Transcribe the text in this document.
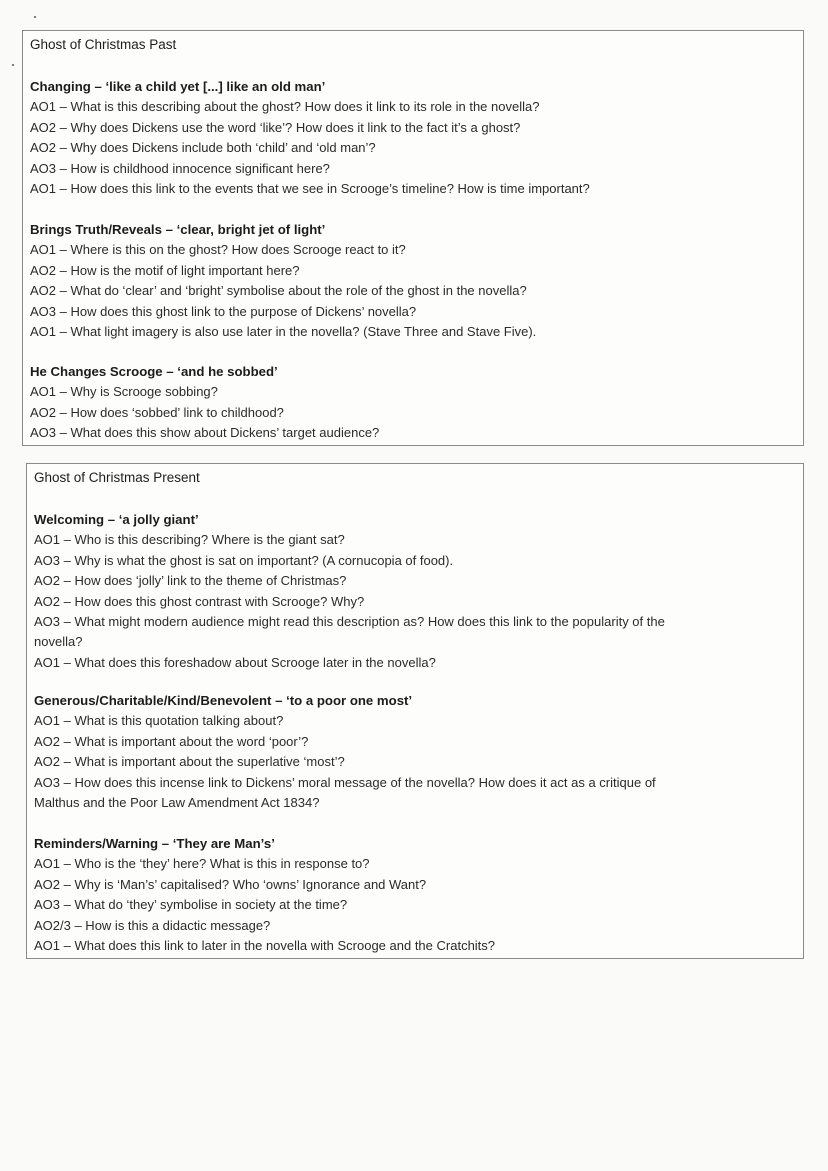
Ghost of Christmas Past
Changing – ‘like a child yet [...] like an old man’
AO1 – What is this describing about the ghost? How does it link to its role in the novella?
AO2 – Why does Dickens use the word ‘like’? How does it link to the fact it’s a ghost?
AO2 – Why does Dickens include both ‘child’ and ‘old man’?
AO3 – How is childhood innocence significant here?
AO1 – How does this link to the events that we see in Scrooge’s timeline? How is time important?
Brings Truth/Reveals – ‘clear, bright jet of light’
AO1 – Where is this on the ghost? How does Scrooge react to it?
AO2 – How is the motif of light important here?
AO2 – What do ‘clear’ and ‘bright’ symbolise about the role of the ghost in the novella?
AO3 – How does this ghost link to the purpose of Dickens’ novella?
AO1 – What light imagery is also use later in the novella? (Stave Three and Stave Five).
He Changes Scrooge – ‘and he sobbed’
AO1 – Why is Scrooge sobbing?
AO2 – How does ‘sobbed’ link to childhood?
AO3 – What does this show about Dickens’ target audience?
Ghost of Christmas Present
Welcoming – ‘a jolly giant’
AO1 – Who is this describing? Where is the giant sat?
AO3 – Why is what the ghost is sat on important? (A cornucopia of food).
AO2 – How does ‘jolly’ link to the theme of Christmas?
AO2 – How does this ghost contrast with Scrooge? Why?
AO3 – What might modern audience might read this description as? How does this link to the popularity of the
novella?
AO1 – What does this foreshadow about Scrooge later in the novella?
Generous/Charitable/Kind/Benevolent – ‘to a poor one most’
AO1 – What is this quotation talking about?
AO2 – What is important about the word ‘poor’?
AO2 – What is important about the superlative ‘most’?
AO3 – How does this incense link to Dickens’ moral message of the novella? How does it act as a critique of
Malthus and the Poor Law Amendment Act 1834?
Reminders/Warning – ‘They are Man’s’
AO1 – Who is the ‘they’ here? What is this in response to?
AO2 – Why is ‘Man’s’ capitalised? Who ‘owns’ Ignorance and Want?
AO3 – What do ‘they’ symbolise in society at the time?
AO2/3 – How is this a didactic message?
AO1 – What does this link to later in the novella with Scrooge and the Cratchits?
